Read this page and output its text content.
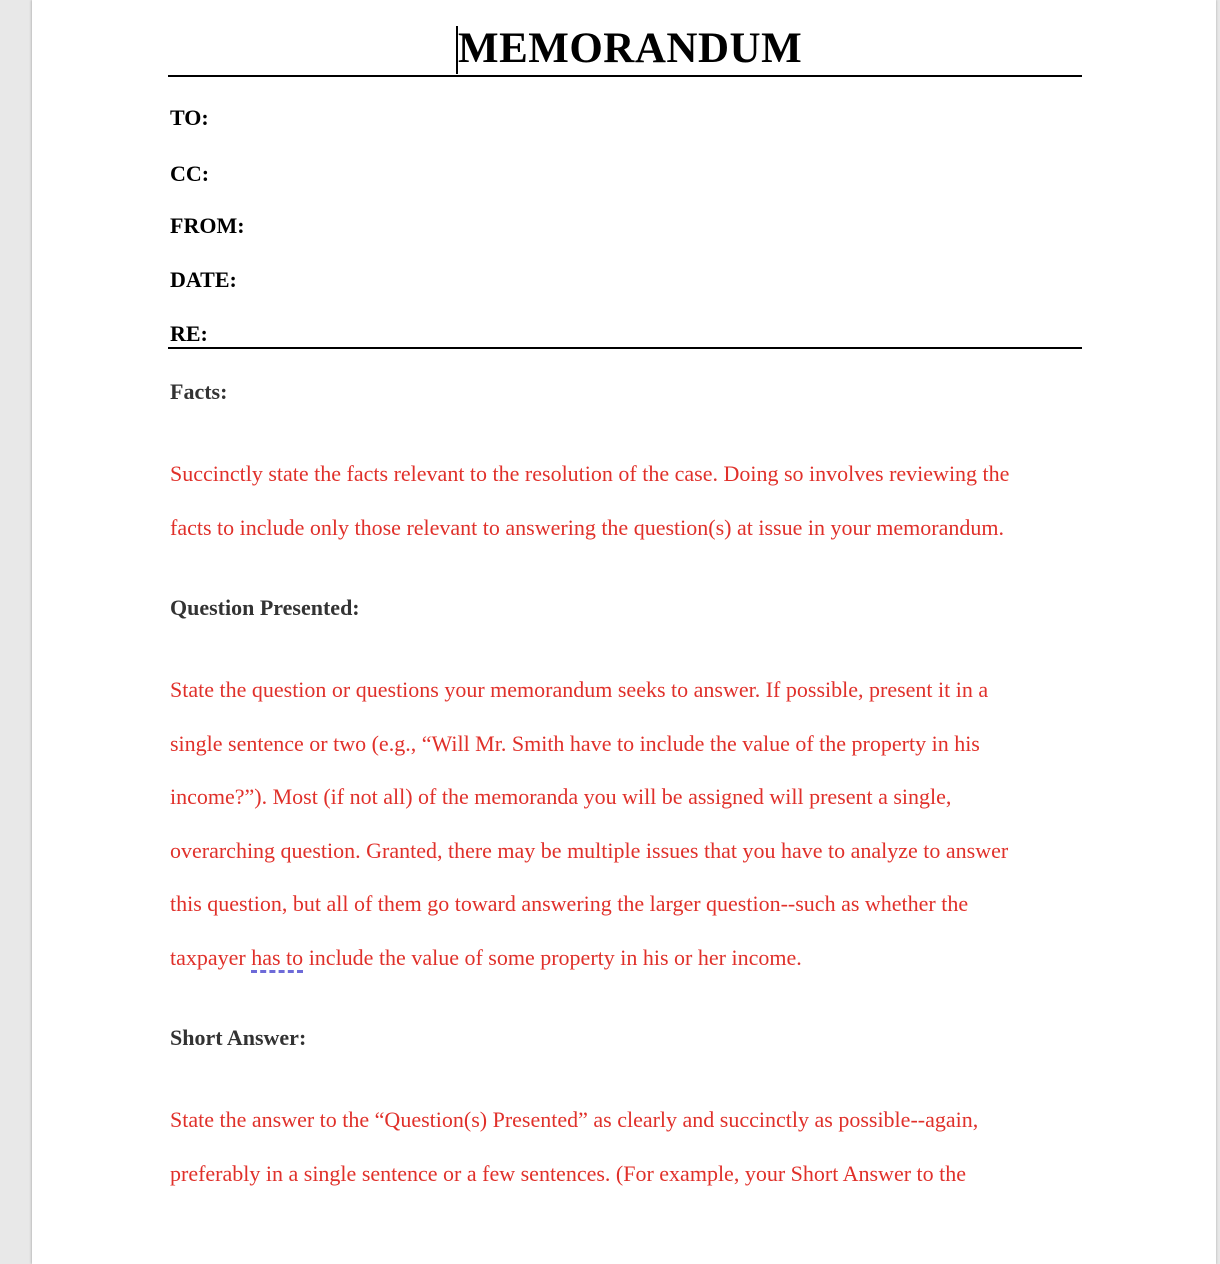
MEMORANDUM
TO:
CC:
FROM:
DATE:
RE:
Facts:

Succinctly state the facts relevant to the resolution of the case. Doing so involves reviewing the
facts to include only those relevant to answering the question(s) at issue in your memorandum.

Question Presented:

State the question or questions your memorandum seeks to answer. If possible, present it in a
single sentence or two (e.g., “Will Mr. Smith have to include the value of the property in his
income?”). Most (if not all) of the memoranda you will be assigned will present a single,
overarching question. Granted, there may be multiple issues that you have to analyze to answer
this question, but all of them go toward answering the larger question--such as whether the
taxpayer has to include the value of some property in his or her income.

Short Answer:

State the answer to the “Question(s) Presented” as clearly and succinctly as possible--again,
preferably in a single sentence or a few sentences. (For example, your Short Answer to the
